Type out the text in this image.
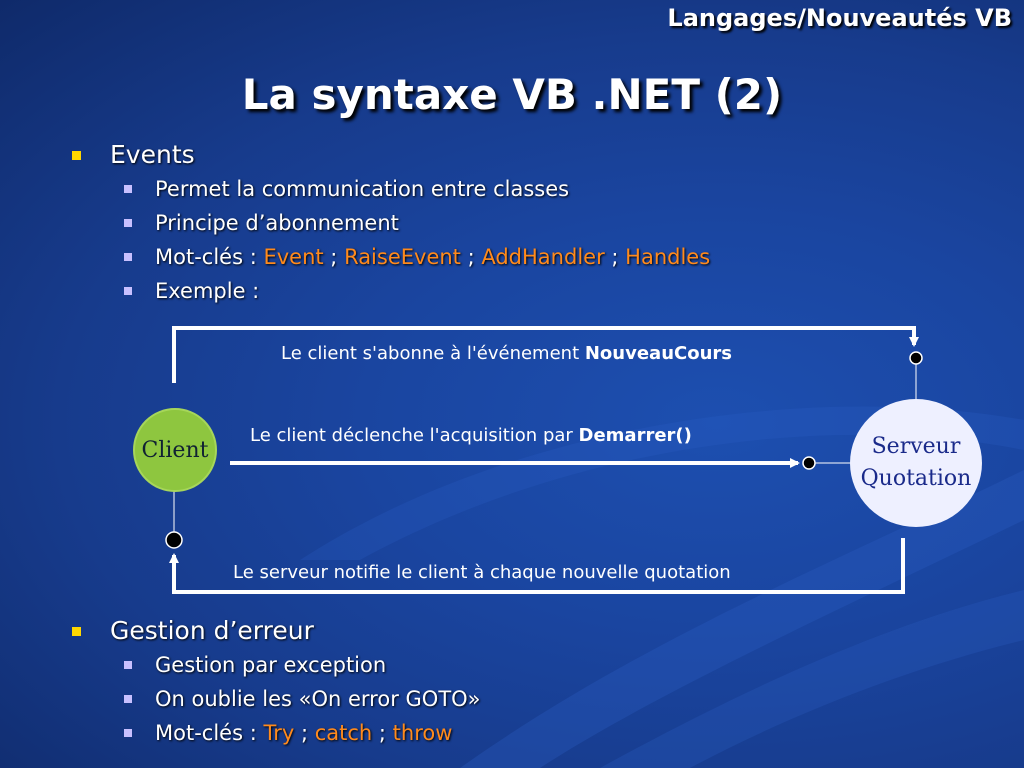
Langages/Nouveautés VB
La syntaxe VB .NET (2)
Events
Permet la communication entre classes
Principe d’abonnement
Mot-clés : Event ; RaiseEvent ; AddHandler ; Handles
Exemple :
Client	Serveur
Quotation
Le client s'abonne à l'événement NouveauCours
Le client déclenche l'acquisition par Demarrer()
Le serveur notifie le client à chaque nouvelle quotation
Gestion d’erreur
Gestion par exception
On oublie les «On error GOTO»
Mot-clés : Try ; catch ; throw
